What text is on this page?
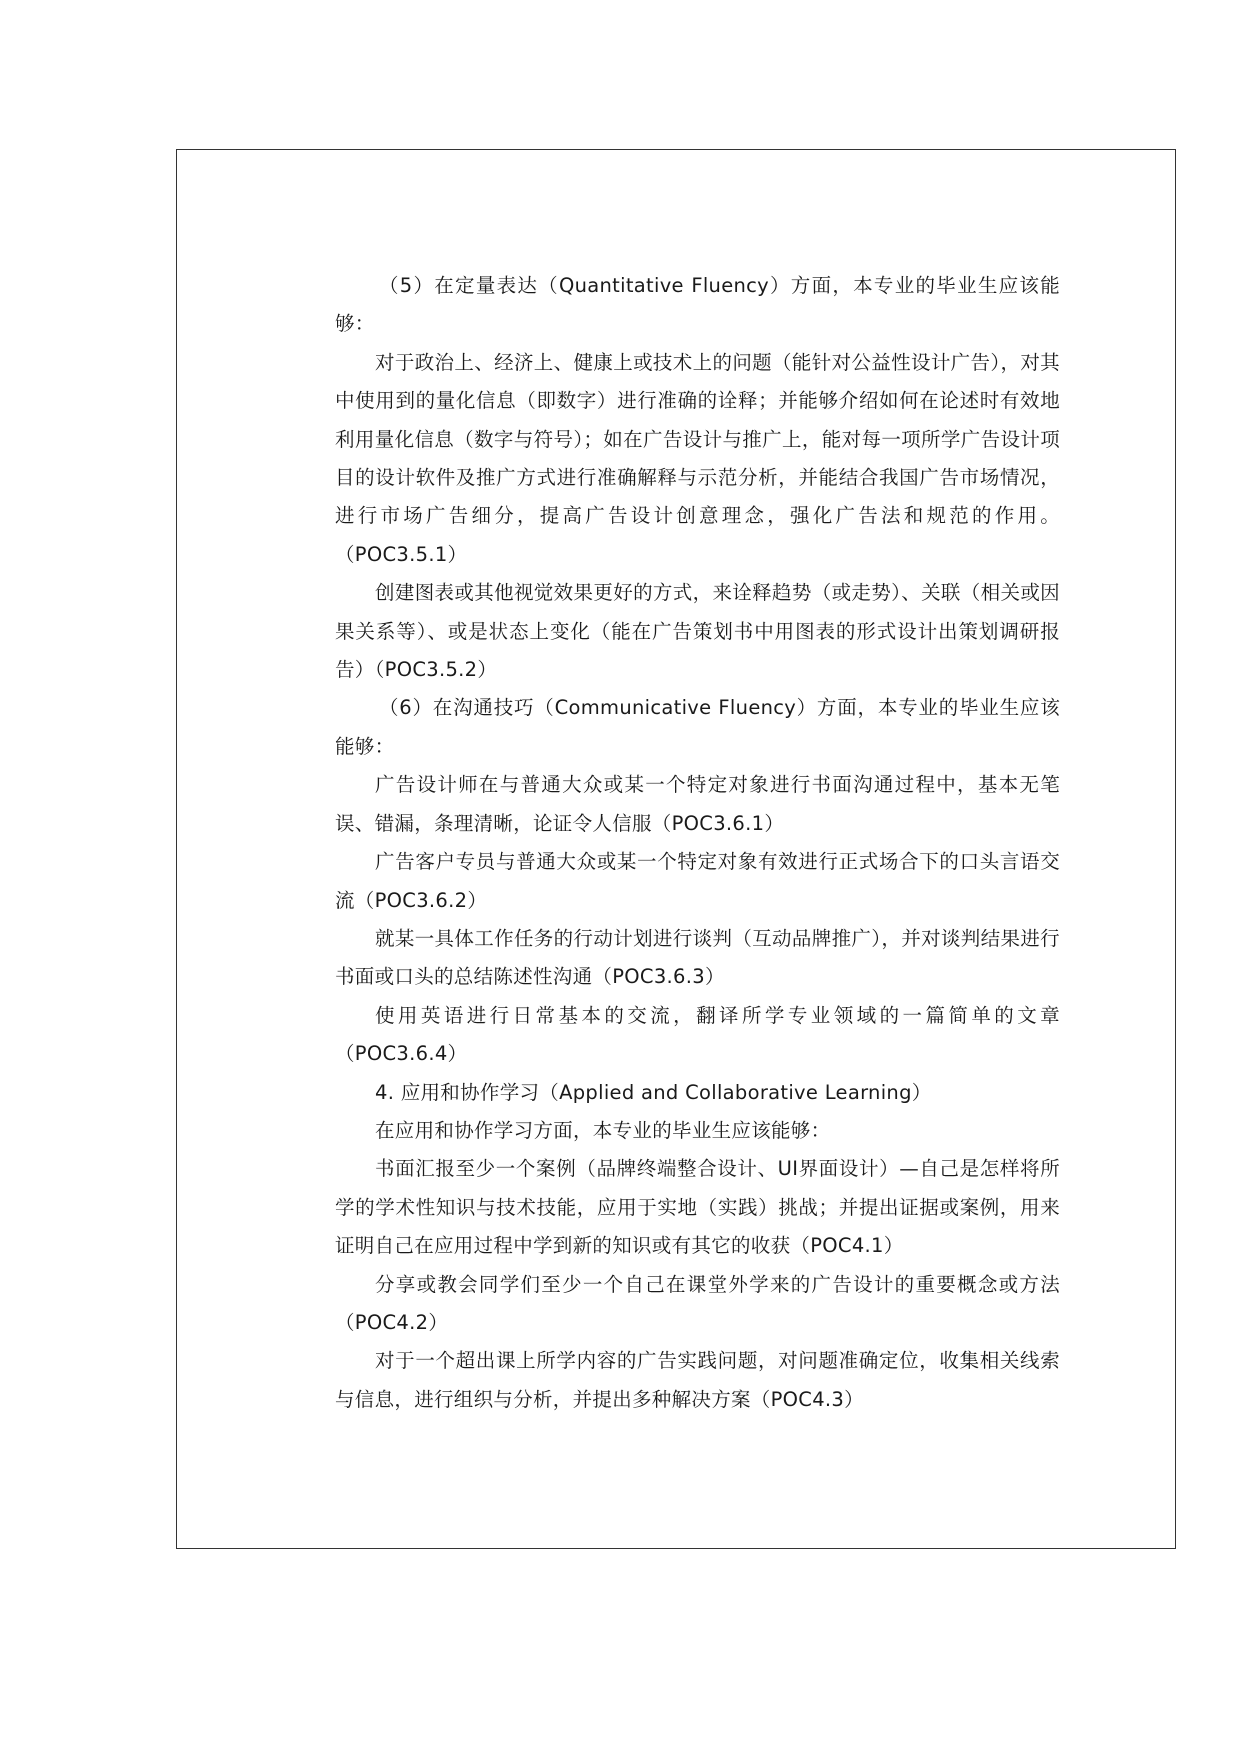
（5）在定量表达（Quantitative Fluency）方面，本专业的毕业生应该能够：

对于政治上、经济上、健康上或技术上的问题（能针对公益性设计广告），对其中使用到的量化信息（即数字）进行准确的诠释；并能够介绍如何在论述时有效地利用量化信息（数字与符号）；如在广告设计与推广上，能对每一项所学广告设计项目的设计软件及推广方式进行准确解释与示范分析，并能结合我国广告市场情况，进行市场广告细分，提高广告设计创意理念，强化广告法和规范的作用。（POC3.5.1）

创建图表或其他视觉效果更好的方式，来诠释趋势（或走势）、关联（相关或因果关系等）、或是状态上变化（能在广告策划书中用图表的形式设计出策划调研报告）（POC3.5.2）

（6）在沟通技巧（Communicative Fluency）方面，本专业的毕业生应该能够：

广告设计师在与普通大众或某一个特定对象进行书面沟通过程中，基本无笔误、错漏，条理清晰，论证令人信服（POC3.6.1）

广告客户专员与普通大众或某一个特定对象有效进行正式场合下的口头言语交流（POC3.6.2）

就某一具体工作任务的行动计划进行谈判（互动品牌推广），并对谈判结果进行书面或口头的总结陈述性沟通（POC3.6.3）

使用英语进行日常基本的交流，翻译所学专业领域的一篇简单的文章（POC3.6.4）

4. 应用和协作学习（Applied and Collaborative Learning）

在应用和协作学习方面，本专业的毕业生应该能够：

书面汇报至少一个案例（品牌终端整合设计、UI界面设计）—自己是怎样将所学的学术性知识与技术技能，应用于实地（实践）挑战；并提出证据或案例，用来证明自己在应用过程中学到新的知识或有其它的收获（POC4.1）

分享或教会同学们至少一个自己在课堂外学来的广告设计的重要概念或方法（POC4.2）

对于一个超出课上所学内容的广告实践问题，对问题准确定位，收集相关线索与信息，进行组织与分析，并提出多种解决方案（POC4.3）
